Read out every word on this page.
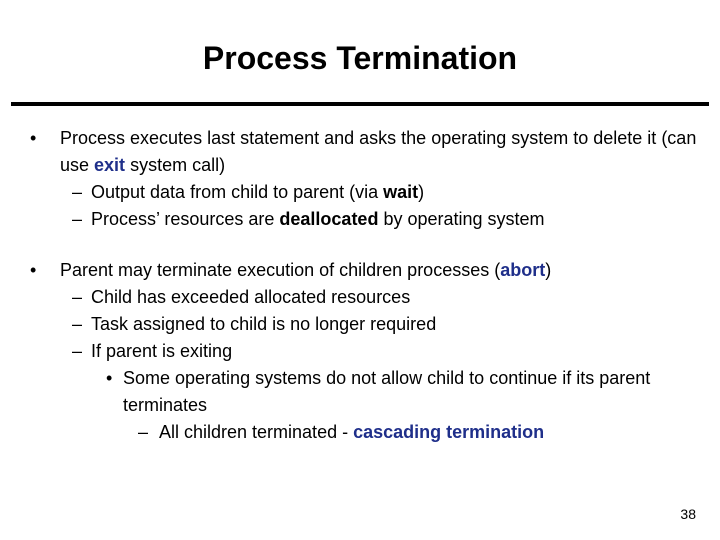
Process Termination
• Process executes last statement and asks the operating system to delete it (can use exit system call)
– Output data from child to parent (via wait)
– Process’ resources are deallocated by operating system
• Parent may terminate execution of children processes (abort)
– Child has exceeded allocated resources
– Task assigned to child is no longer required
– If parent is exiting
• Some operating systems do not allow child to continue if its parent terminates
– All children terminated - cascading termination
38
